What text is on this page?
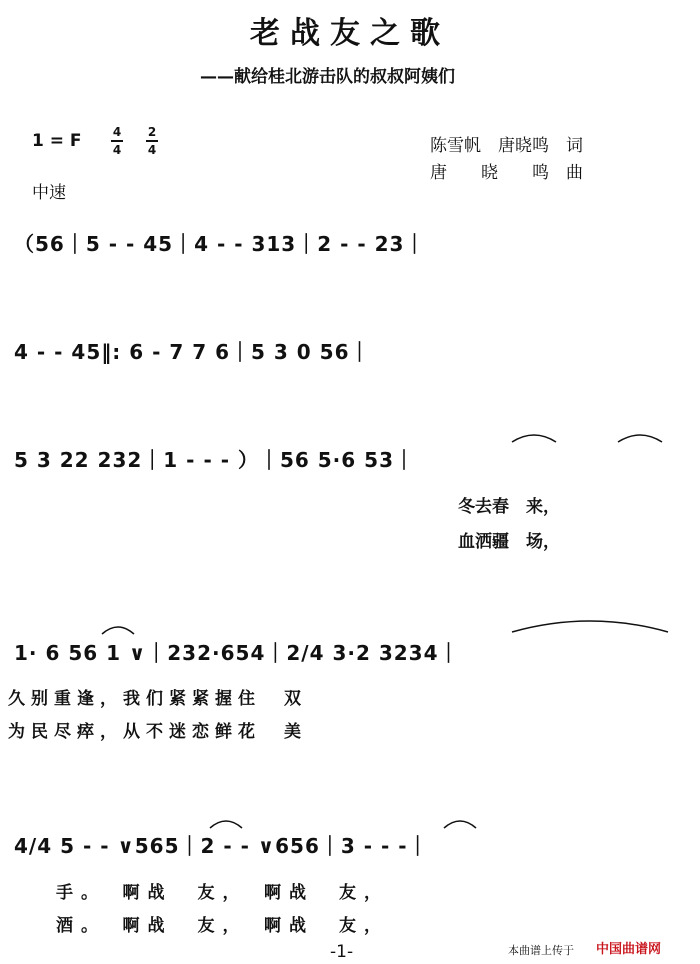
老战友之歌
——献给桂北游击队的叔叔阿姨们
1 = F	4
4
2
4	陈雪帆　唐晓鸣　词
唐　　晓　　鸣　曲
中速
（56｜5 - - 45｜4 - - 313｜2 - - 23｜
4 - - 45‖: 6 - 7 7 6｜5 3 0 56｜
5 3 22 232｜1 - - - ）｜56 5·6 53｜
冬去春　来，
血洒疆　场，
1· 6 56 1 ∨｜232·654｜2/4 3·2 3234｜
久别重逢，我们紧紧握住　双
为民尽瘁，从不迷恋鲜花　美
4/4 5 - - ∨565｜2 - - ∨656｜3 - - -｜
手。　啊战　友，　啊战　友，
酒。　啊战　友，　啊战　友，
-1-	本曲谱上传于 中国曲谱网
